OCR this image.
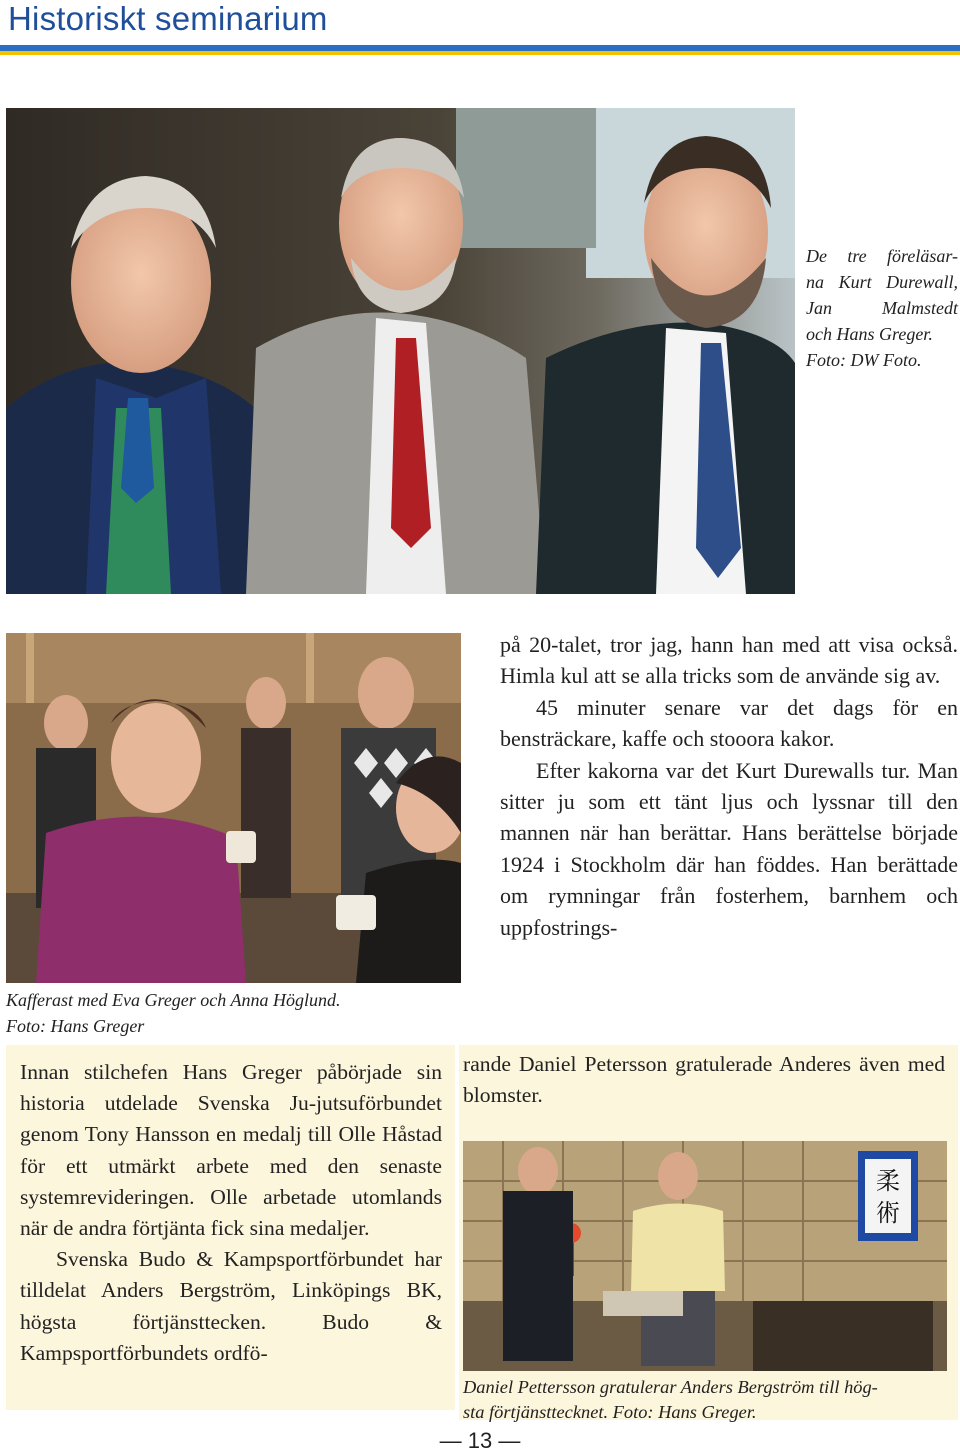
Historiskt seminarium
De tre föreläsar-
na Kurt Durewall,
Jan Malmstedt
och Hans Greger.
Foto: DW Foto.
Kafferast med Eva Greger och Anna Höglund.
Foto: Hans Greger

på 20-talet, tror jag, hann han med att visa också. Himla kul att se alla tricks som de använde sig av.

45 minuter senare var det dags för en bensträckare, kaffe och stooora kakor.

Efter kakorna var det Kurt Durewalls tur. Man sitter ju som ett tänt ljus och lyssnar till den mannen när han berättar. Hans berättelse började 1924 i Stockholm där han föddes. Han berättade om rymningar från fosterhem, barnhem och uppfostrings-

Innan stilchefen Hans Greger påbörjade sin historia utdelade Svenska Ju-jutsuförbundet genom Tony Hansson en medalj till Olle Håstad för ett utmärkt arbete med den senaste systemrevideringen. Olle arbetade utomlands när de andra förtjänta fick sina medaljer.

Svenska Budo & Kampsportförbundet har tilldelat Anders Bergström, Linköpings BK, högsta förtjänsttecken. Budo & Kampsportförbundets ordfö-

rande Daniel Petersson gratulerade Anderes även med blomster.

柔
術
Daniel Pettersson gratulerar Anders Bergström till hög-
sta förtjänsttecknet. Foto: Hans Greger.
— 13 —
